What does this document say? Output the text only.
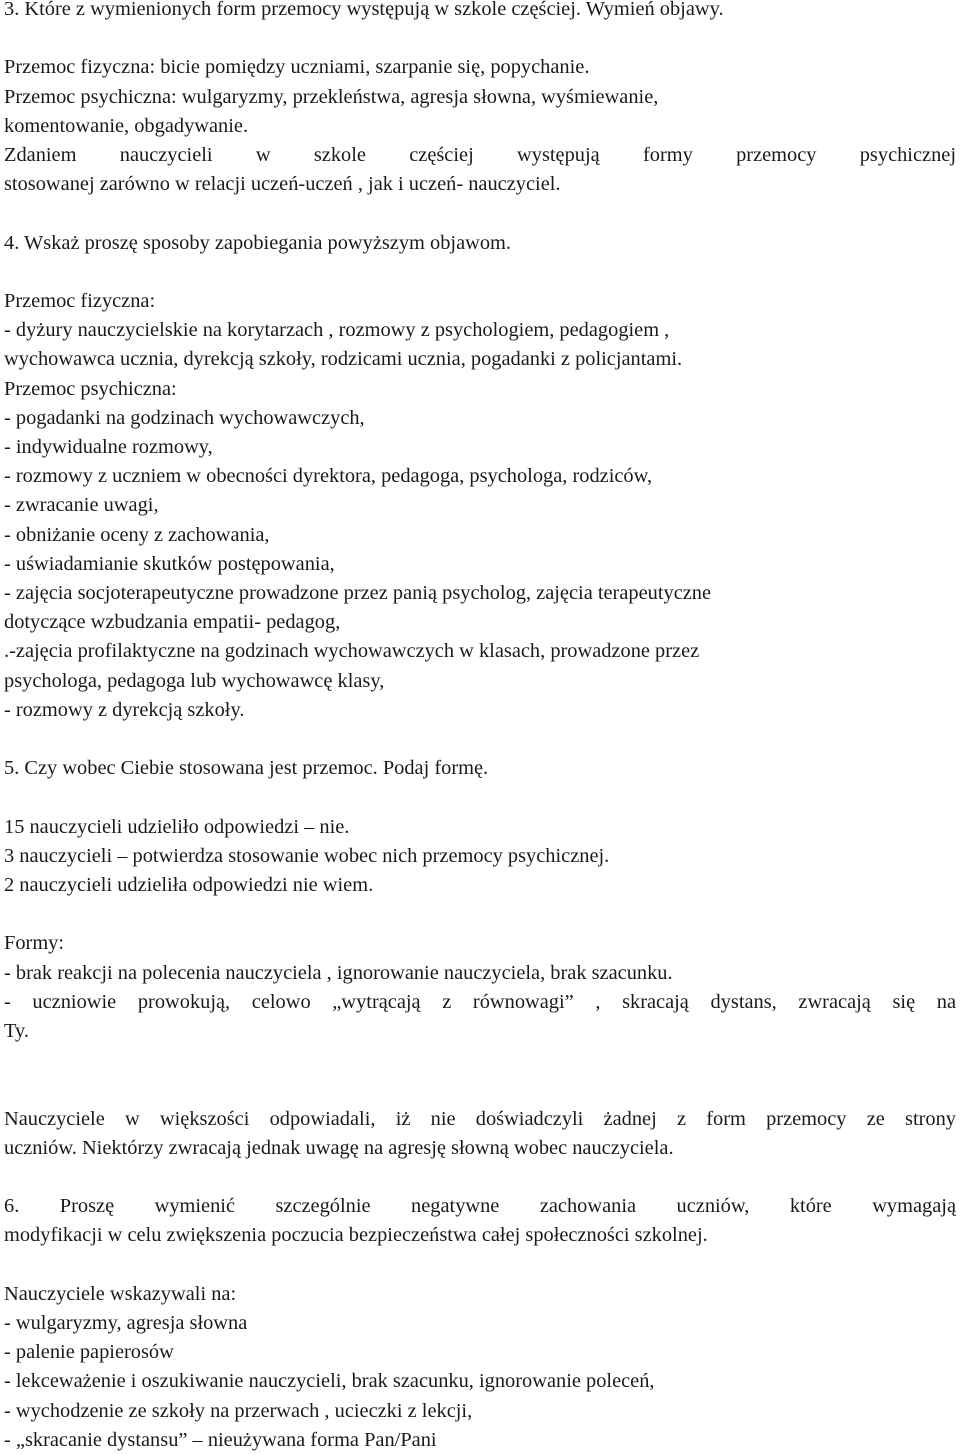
3. Które z wymienionych form przemocy występują w szkole częściej. Wymień objawy.

Przemoc fizyczna: bicie pomiędzy uczniami, szarpanie się, popychanie.

Przemoc psychiczna: wulgaryzmy, przekleństwa, agresja słowna, wyśmiewanie,

komentowanie, obgadywanie.

Zdaniem nauczycieli w szkole częściej występują formy przemocy psychicznej

stosowanej zarówno w relacji uczeń-uczeń , jak i uczeń- nauczyciel.

4. Wskaż proszę sposoby zapobiegania powyższym objawom.

Przemoc fizyczna:

- dyżury nauczycielskie na korytarzach , rozmowy z psychologiem, pedagogiem ,

wychowawca ucznia, dyrekcją szkoły, rodzicami ucznia, pogadanki z policjantami.

Przemoc psychiczna:

- pogadanki na godzinach wychowawczych,

- indywidualne rozmowy,

- rozmowy z uczniem w obecności dyrektora, pedagoga, psychologa, rodziców,

- zwracanie uwagi,

- obniżanie oceny z zachowania,

- uświadamianie skutków postępowania,

- zajęcia socjoterapeutyczne prowadzone przez panią psycholog, zajęcia terapeutyczne

dotyczące wzbudzania empatii- pedagog,

.-zajęcia profilaktyczne na godzinach wychowawczych w klasach, prowadzone przez

psychologa, pedagoga lub wychowawcę klasy,

- rozmowy z dyrekcją szkoły.

5. Czy wobec Ciebie stosowana jest przemoc. Podaj formę.

15 nauczycieli udzieliło odpowiedzi – nie.

3 nauczycieli – potwierdza stosowanie wobec nich przemocy psychicznej.

2 nauczycieli udzieliła odpowiedzi nie wiem.

Formy:

- brak reakcji na polecenia nauczyciela , ignorowanie nauczyciela, brak szacunku.

- uczniowie prowokują, celowo „wytrącają z równowagi” , skracają dystans, zwracają się na

Ty.

Nauczyciele w większości odpowiadali, iż nie doświadczyli żadnej z form przemocy ze strony

uczniów. Niektórzy zwracają jednak uwagę na agresję słowną wobec nauczyciela.

6. Proszę wymienić szczególnie negatywne zachowania uczniów, które wymagają

modyfikacji w celu zwiększenia poczucia bezpieczeństwa całej społeczności szkolnej.

Nauczyciele wskazywali na:

- wulgaryzmy, agresja słowna

- palenie papierosów

- lekceważenie i oszukiwanie nauczycieli, brak szacunku, ignorowanie poleceń,

- wychodzenie ze szkoły na przerwach , ucieczki z lekcji,

- „skracanie dystansu” – nieużywana forma Pan/Pani
